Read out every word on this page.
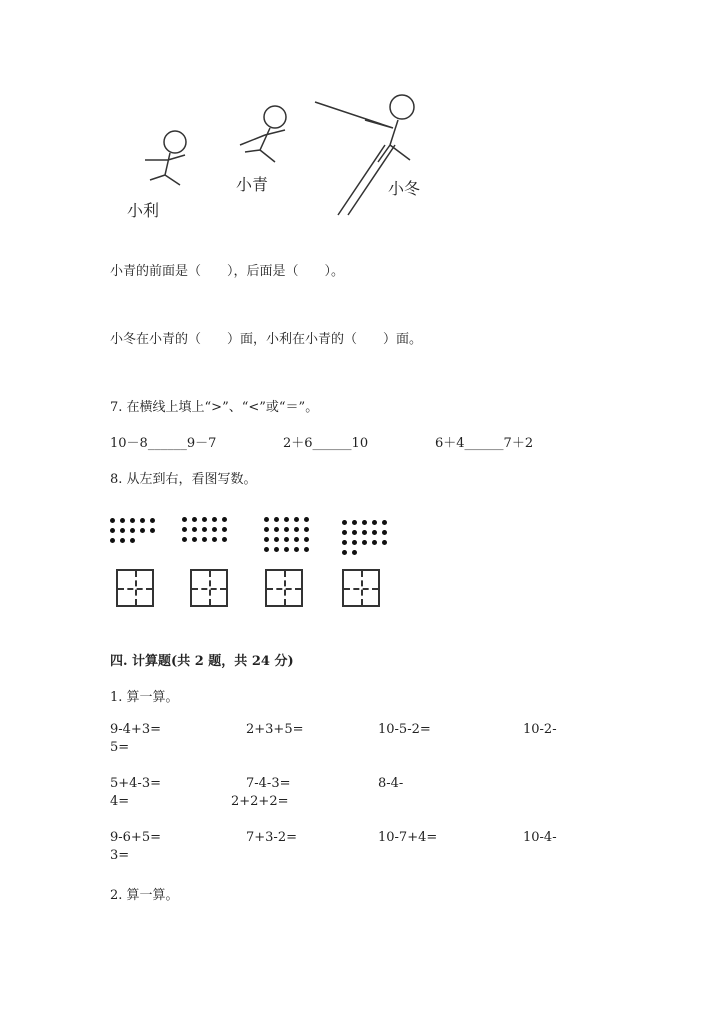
小利
小青	小冬
小青的前面是（　　），后面是（　　）。
小冬在小青的（　　）面，小利在小青的（　　）面。
7. 在横线上填上“>”、“<”或“＝”。
10－8______9－7	2＋6______10	6＋4______7＋2
8. 从左到右，看图写数。
四. 计算题(共 2 题，共 24 分)
1. 算一算。
9-4+3=	2+3+5=	10-5-2=	10-2-
5=
5+4-3=	7-4-3=	8-4-
4=	2+2+2=
9-6+5=	7+3-2=	10-7+4=	10-4-
3=
2. 算一算。
